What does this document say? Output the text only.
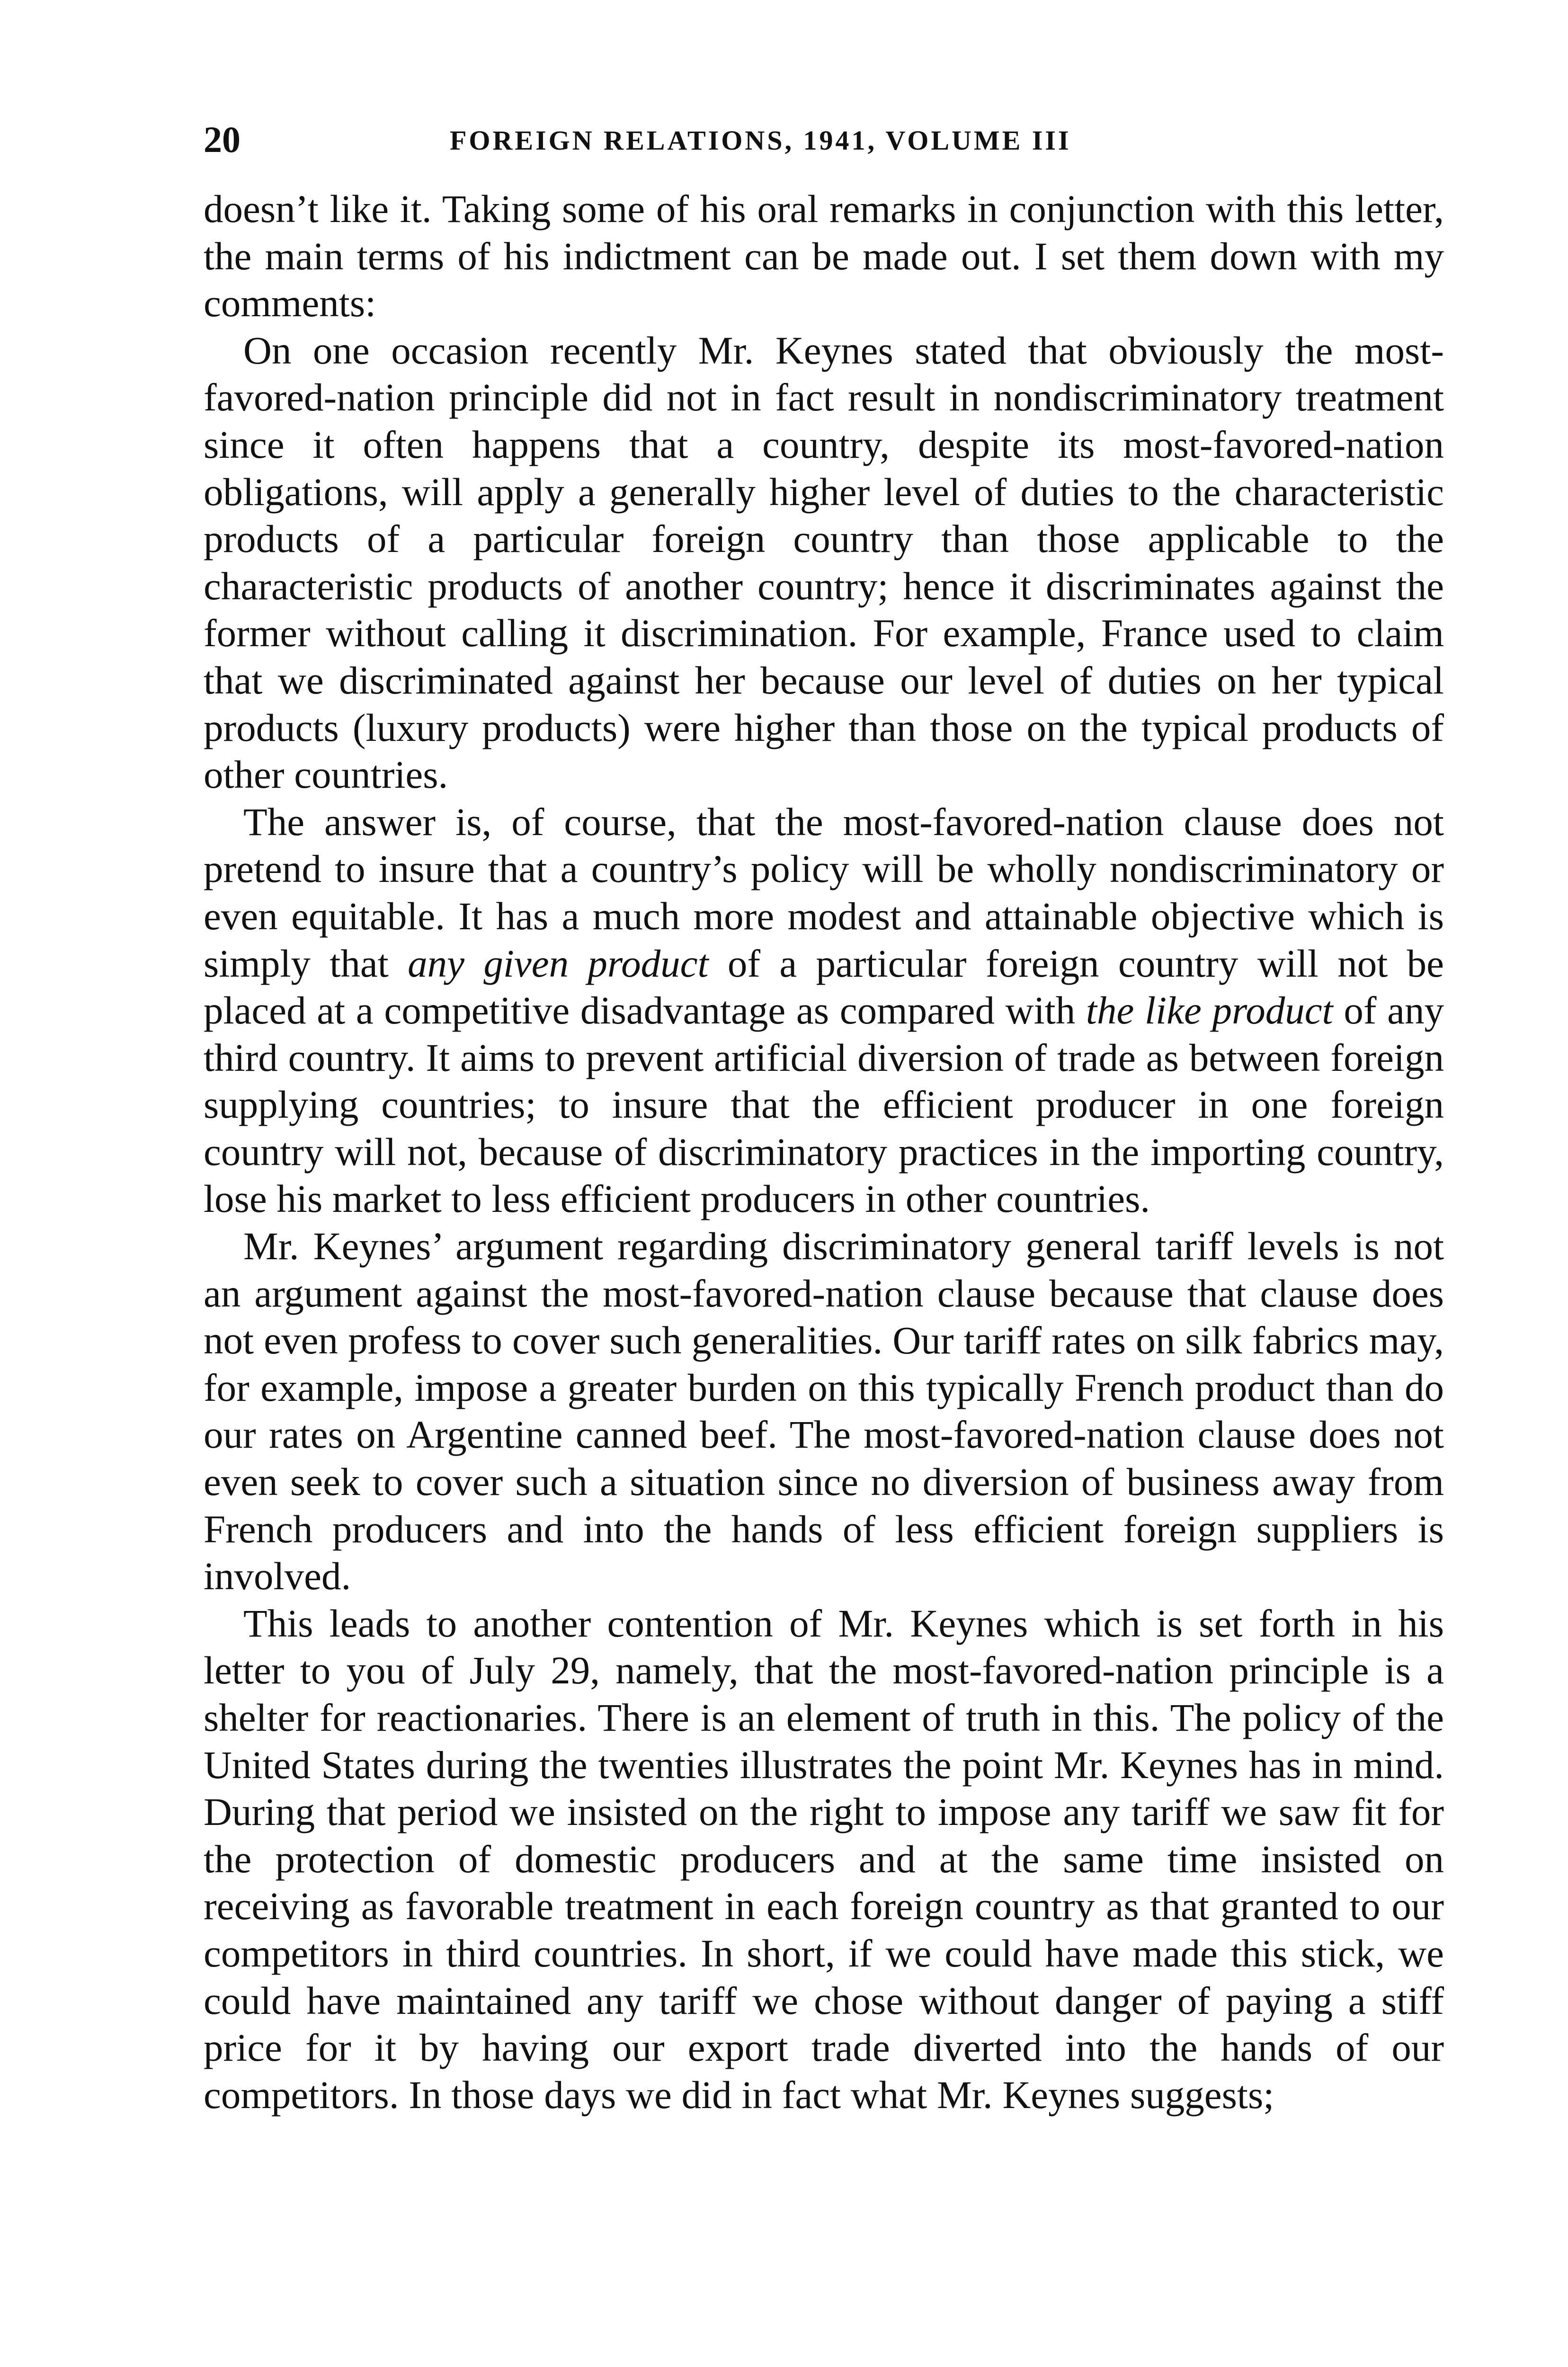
20	FOREIGN RELATIONS, 1941, VOLUME III

doesn’t like it. Taking some of his oral remarks in conjunction with this letter, the main terms of his indictment can be made out. I set them down with my comments:

On one occasion recently Mr. Keynes stated that obviously the most-favored-nation principle did not in fact result in nondiscriminatory treatment since it often happens that a country, despite its most-favored-nation obligations, will apply a generally higher level of duties to the characteristic products of a particular foreign country than those applicable to the characteristic products of another country; hence it discriminates against the former without calling it discrimination. For example, France used to claim that we discriminated against her because our level of duties on her typical products (luxury products) were higher than those on the typical products of other countries.

The answer is, of course, that the most-favored-nation clause does not pretend to insure that a country’s policy will be wholly nondiscriminatory or even equitable. It has a much more modest and attainable objective which is simply that any given product of a particular foreign country will not be placed at a competitive disadvantage as compared with the like product of any third country. It aims to prevent artificial diversion of trade as between foreign supplying countries; to insure that the efficient producer in one foreign country will not, because of discriminatory practices in the importing country, lose his market to less efficient producers in other countries.

Mr. Keynes’ argument regarding discriminatory general tariff levels is not an argument against the most-favored-nation clause because that clause does not even profess to cover such generalities. Our tariff rates on silk fabrics may, for example, impose a greater burden on this typically French product than do our rates on Argentine canned beef. The most-favored-nation clause does not even seek to cover such a situation since no diversion of business away from French producers and into the hands of less efficient foreign suppliers is involved.

This leads to another contention of Mr. Keynes which is set forth in his letter to you of July 29, namely, that the most-favored-nation principle is a shelter for reactionaries. There is an element of truth in this. The policy of the United States during the twenties illustrates the point Mr. Keynes has in mind. During that period we insisted on the right to impose any tariff we saw fit for the protection of domestic producers and at the same time insisted on receiving as favorable treatment in each foreign country as that granted to our competitors in third countries. In short, if we could have made this stick, we could have maintained any tariff we chose without danger of paying a stiff price for it by having our export trade diverted into the hands of our competitors. In those days we did in fact what Mr. Keynes suggests;
